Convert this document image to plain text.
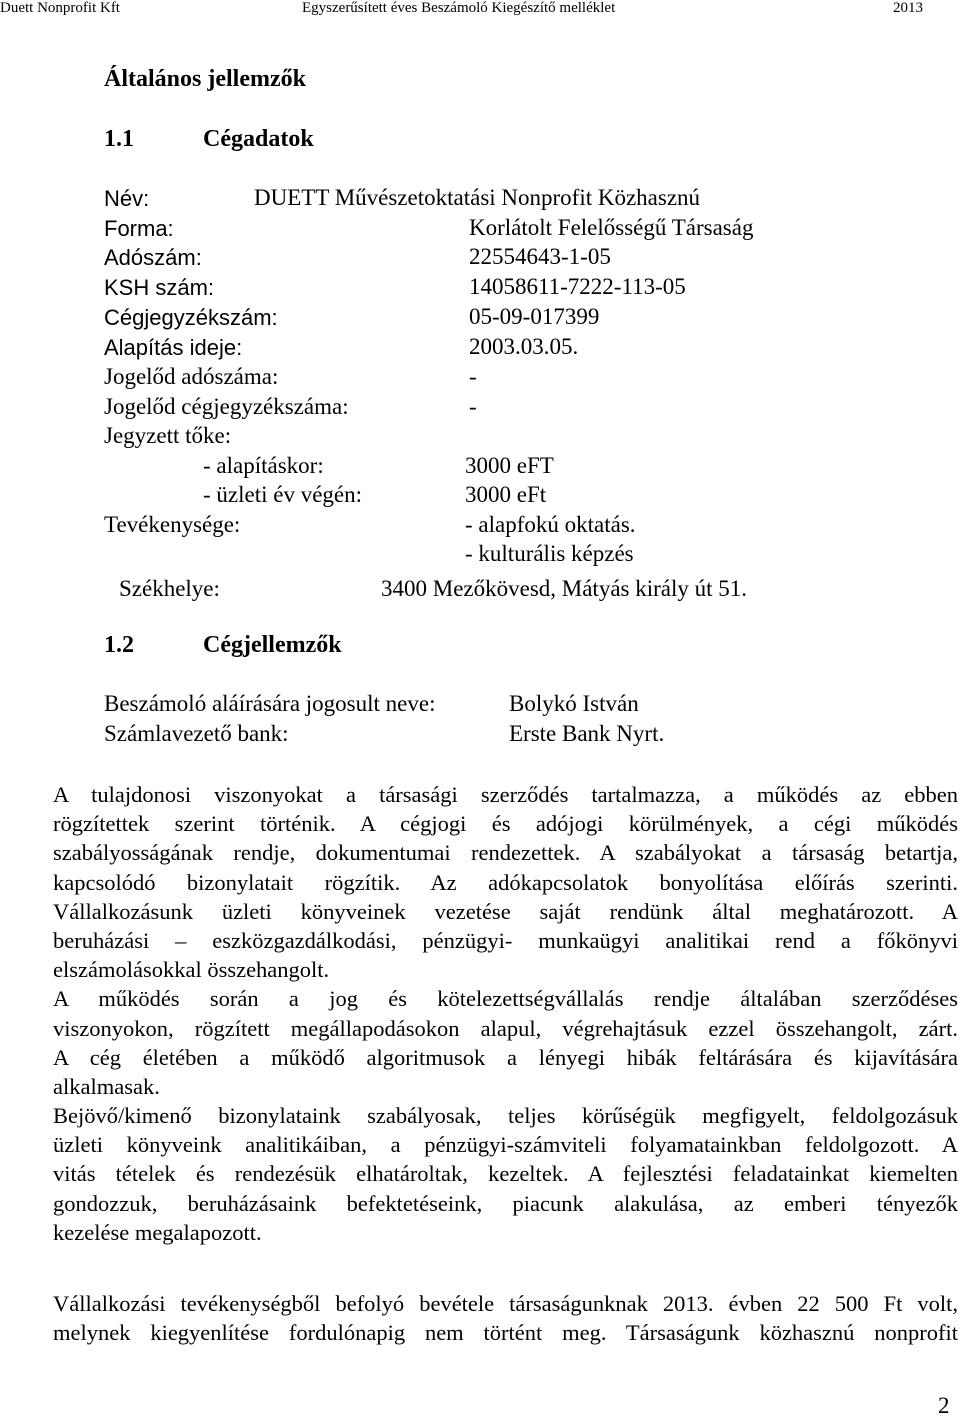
Duett Nonprofit Kft	Egyszerűsített éves Beszámoló Kiegészítő melléklet	2013
Általános jellemzők
1.1	Cégadatok
Név:	DUETT Művészetoktatási Nonprofit Közhasznú
Forma:	Korlátolt Felelősségű Társaság
Adószám:	22554643-1-05
KSH szám:	14058611-7222-113-05
Cégjegyzékszám:	05-09-017399
Alapítás ideje:	2003.03.05.
Jogelőd adószáma:	-
Jogelőd cégjegyzékszáma:	-
Jegyzett tőke:
- alapításkor:	3000 eFT
- üzleti év végén:	3000 eFt
Tevékenysége:	- alapfokú oktatás.
- kulturális képzés
Székhelye:	3400 Mezőkövesd, Mátyás király út 51.
1.2	Cégjellemzők
Beszámoló aláírására jogosult neve:	Bolykó István
Számlavezető bank:	Erste Bank Nyrt.
A tulajdonosi viszonyokat a társasági szerződés tartalmazza, a működés az ebben
rögzítettek szerint történik. A cégjogi és adójogi körülmények, a cégi működés
szabályosságának rendje, dokumentumai rendezettek. A szabályokat a társaság betartja,
kapcsolódó bizonylatait rögzítik. Az adókapcsolatok bonyolítása előírás szerinti.
Vállalkozásunk üzleti könyveinek vezetése saját rendünk által meghatározott. A
beruházási – eszközgazdálkodási, pénzügyi- munkaügyi analitikai rend a főkönyvi
elszámolásokkal összehangolt.
A működés során a jog és kötelezettségvállalás rendje általában szerződéses
viszonyokon, rögzített megállapodásokon alapul, végrehajtásuk ezzel összehangolt, zárt.
A cég életében a működő algoritmusok a lényegi hibák feltárására és kijavítására
alkalmasak.
Bejövő/kimenő bizonylataink szabályosak, teljes körűségük megfigyelt, feldolgozásuk
üzleti könyveink analitikáiban, a pénzügyi-számviteli folyamatainkban feldolgozott. A
vitás tételek és rendezésük elhatároltak, kezeltek. A fejlesztési feladatainkat kiemelten
gondozzuk, beruházásaink befektetéseink, piacunk alakulása, az emberi tényezők
kezelése megalapozott.
Vállalkozási tevékenységből befolyó bevétele társaságunknak 2013. évben 22 500 Ft volt,
melynek kiegyenlítése fordulónapig nem történt meg. Társaságunk közhasznú nonprofit
2
